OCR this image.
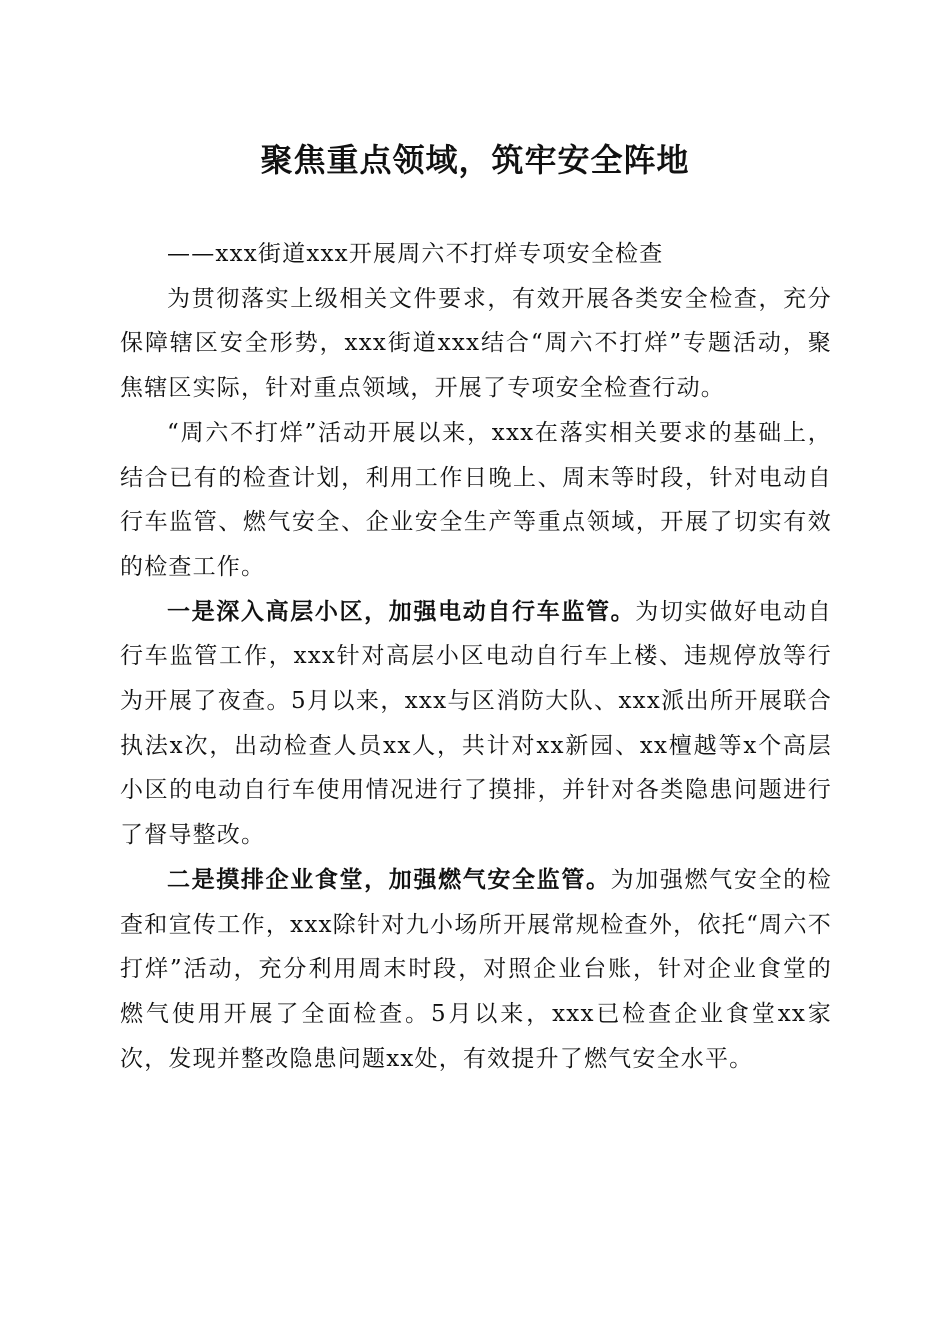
聚焦重点领域，筑牢安全阵地

——xxx街道xxx开展周六不打烊专项安全检查

为贯彻落实上级相关文件要求，有效开展各类安全检查，充分保障辖区安全形势，xxx街道xxx结合“周六不打烊”专题活动，聚焦辖区实际，针对重点领域，开展了专项安全检查行动。

“周六不打烊”活动开展以来，xxx在落实相关要求的基础上，结合已有的检查计划，利用工作日晚上、周末等时段，针对电动自行车监管、燃气安全、企业安全生产等重点领域，开展了切实有效的检查工作。

一是深入高层小区，加强电动自行车监管。为切实做好电动自行车监管工作，xxx针对高层小区电动自行车上楼、违规停放等行为开展了夜查。5月以来，xxx与区消防大队、xxx派出所开展联合执法x次，出动检查人员xx人，共计对xx新园、xx檀越等x个高层小区的电动自行车使用情况进行了摸排，并针对各类隐患问题进行了督导整改。

二是摸排企业食堂，加强燃气安全监管。为加强燃气安全的检查和宣传工作，xxx除针对九小场所开展常规检查外，依托“周六不打烊”活动，充分利用周末时段，对照企业台账，针对企业食堂的燃气使用开展了全面检查。5月以来，xxx已检查企业食堂xx家次，发现并整改隐患问题xx处，有效提升了燃气安全水平。
